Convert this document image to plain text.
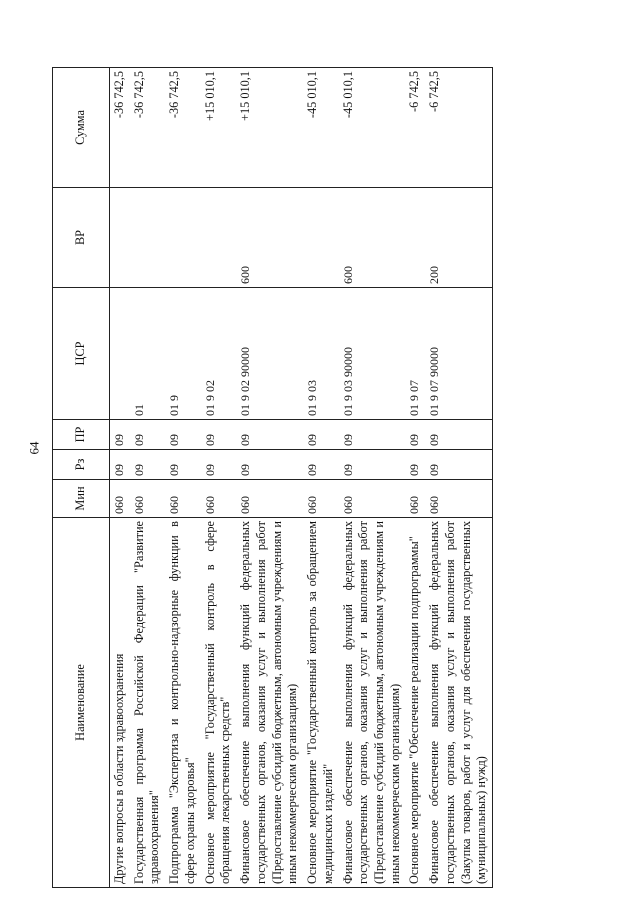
64
Наименование	Мин	Рз	ПР	ЦСР	ВР	Сумма
Другие вопросы в области здравоохранения	060	09	09			-36 742,5
Государственная программа Российской Федерации "Развитие здравоохранения"	060	09	09	01		-36 742,5
Подпрограмма "Экспертиза и контрольно-надзорные функции в сфере охраны здоровья"	060	09	09	01 9		-36 742,5
Основное мероприятие "Государственный контроль в сфере обращения лекарственных средств"	060	09	09	01 9 02		+15 010,1
Финансовое обеспечение выполнения функций федеральных государственных органов, оказания услуг и выполнения работ (Предоставление субсидий бюджетным, автономным учреждениям и иным некоммерческим организациям)	060	09	09	01 9 02 90000	600	+15 010,1
Основное мероприятие "Государственный контроль за обращением медицинских изделий"	060	09	09	01 9 03		-45 010,1
Финансовое обеспечение выполнения функций федеральных государственных органов, оказания услуг и выполнения работ (Предоставление субсидий бюджетным, автономным учреждениям и иным некоммерческим организациям)	060	09	09	01 9 03 90000	600	-45 010,1
Основное мероприятие "Обеспечение реализации подпрограммы"	060	09	09	01 9 07		-6 742,5
Финансовое обеспечение выполнения функций федеральных государственных органов, оказания услуг и выполнения работ (Закупка товаров, работ и услуг для обеспечения государственных (муниципальных) нужд)	060	09	09	01 9 07 90000	200	-6 742,5
